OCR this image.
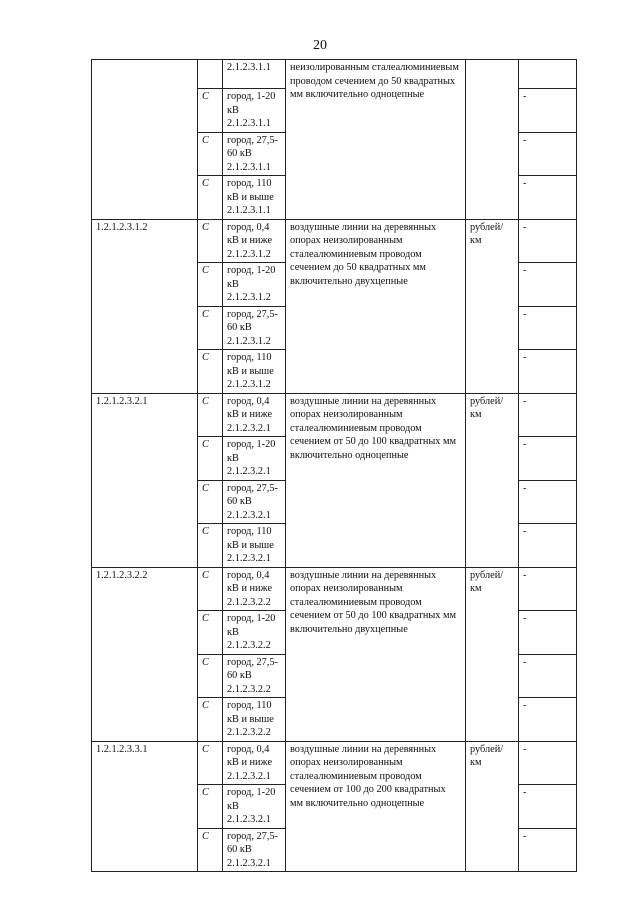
20
		2.1.2.3.1.1	неизолированным сталеалюминиевым проводом сечением до 50 квадратных мм включительно одноцепные		
	С	город, 1-20 кВ 2.1.2.3.1.1			-
	С	город, 27,5-60 кВ 2.1.2.3.1.1			-
	С	город, 110 кВ и выше 2.1.2.3.1.1			-
1.2.1.2.3.1.2	С	город, 0,4 кВ и ниже 2.1.2.3.1.2	воздушные линии на деревянных опорах неизолированным сталеалюминиевым проводом сечением до 50 квадратных мм включительно двухцепные	рублей/км	-
	С	город, 1-20 кВ 2.1.2.3.1.2			-
	С	город, 27,5-60 кВ 2.1.2.3.1.2			-
	С	город, 110 кВ и выше 2.1.2.3.1.2			-
1.2.1.2.3.2.1	С	город, 0,4 кВ и ниже 2.1.2.3.2.1	воздушные линии на деревянных опорах неизолированным сталеалюминиевым проводом сечением от 50 до 100 квадратных мм включительно одноцепные	рублей/км	-
	С	город, 1-20 кВ 2.1.2.3.2.1			-
	С	город, 27,5-60 кВ 2.1.2.3.2.1			-
	С	город, 110 кВ и выше 2.1.2.3.2.1			-
1.2.1.2.3.2.2	С	город, 0,4 кВ и ниже 2.1.2.3.2.2	воздушные линии на деревянных опорах неизолированным сталеалюминиевым проводом сечением от 50 до 100 квадратных мм включительно двухцепные	рублей/км	-
	С	город, 1-20 кВ 2.1.2.3.2.2			-
	С	город, 27,5-60 кВ 2.1.2.3.2.2			-
	С	город, 110 кВ и выше 2.1.2.3.2.2			-
1.2.1.2.3.3.1	С	город, 0,4 кВ и ниже 2.1.2.3.2.1	воздушные линии на деревянных опорах неизолированным сталеалюминиевым проводом сечением от 100 до 200 квадратных мм включительно одноцепные	рублей/км	-
	С	город, 1-20 кВ 2.1.2.3.2.1			-
	С	город, 27,5-60 кВ 2.1.2.3.2.1			-
